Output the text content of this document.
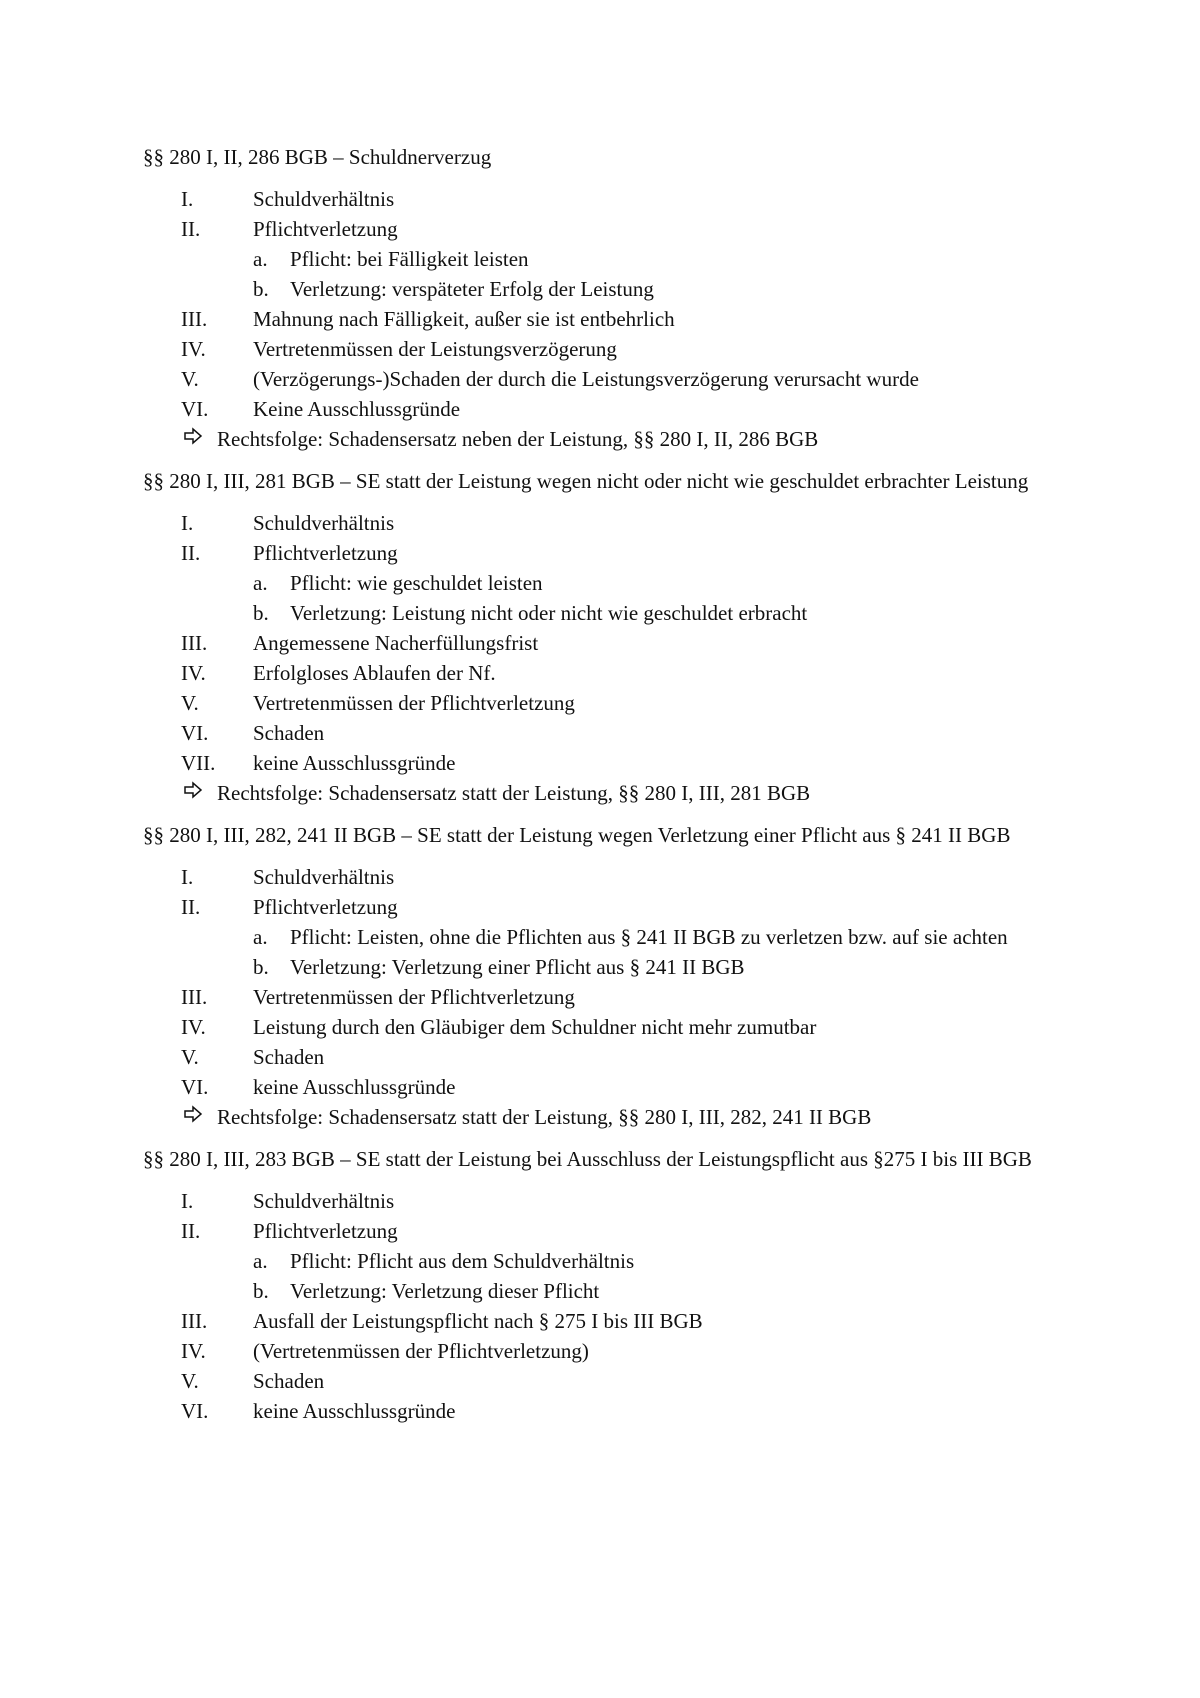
§§ 280 I, II, 286 BGB – Schuldnerverzug
I.	Schuldverhältnis
II.	Pflichtverletzung
a.	Pflicht: bei Fälligkeit leisten
b.	Verletzung: verspäteter Erfolg der Leistung
III.	Mahnung nach Fälligkeit, außer sie ist entbehrlich
IV.	Vertretenmüssen der Leistungsverzögerung
V.	(Verzögerungs-)Schaden der durch die Leistungsverzögerung verursacht wurde
VI.	Keine Ausschlussgründe
Rechtsfolge: Schadensersatz neben der Leistung, §§ 280 I, II, 286 BGB
§§ 280 I, III, 281 BGB – SE statt der Leistung wegen nicht oder nicht wie geschuldet erbrachter Leistung
I.	Schuldverhältnis
II.	Pflichtverletzung
a.	Pflicht: wie geschuldet leisten
b.	Verletzung: Leistung nicht oder nicht wie geschuldet erbracht
III.	Angemessene Nacherfüllungsfrist
IV.	Erfolgloses Ablaufen der Nf.
V.	Vertretenmüssen der Pflichtverletzung
VI.	Schaden
VII.	keine Ausschlussgründe
Rechtsfolge: Schadensersatz statt der Leistung, §§ 280 I, III, 281 BGB
§§ 280 I, III, 282, 241 II BGB – SE statt der Leistung wegen Verletzung einer Pflicht aus § 241 II BGB
I.	Schuldverhältnis
II.	Pflichtverletzung
a.	Pflicht: Leisten, ohne die Pflichten aus § 241 II BGB zu verletzen bzw. auf sie achten
b.	Verletzung: Verletzung einer Pflicht aus § 241 II BGB
III.	Vertretenmüssen der Pflichtverletzung
IV.	Leistung durch den Gläubiger dem Schuldner nicht mehr zumutbar
V.	Schaden
VI.	keine Ausschlussgründe
Rechtsfolge: Schadensersatz statt der Leistung, §§ 280 I, III, 282, 241 II BGB
§§ 280 I, III, 283 BGB – SE statt der Leistung bei Ausschluss der Leistungspflicht aus §275 I bis III BGB
I.	Schuldverhältnis
II.	Pflichtverletzung
a.	Pflicht: Pflicht aus dem Schuldverhältnis
b.	Verletzung: Verletzung dieser Pflicht
III.	Ausfall der Leistungspflicht nach § 275 I bis III BGB
IV.	(Vertretenmüssen der Pflichtverletzung)
V.	Schaden
VI.	keine Ausschlussgründe
